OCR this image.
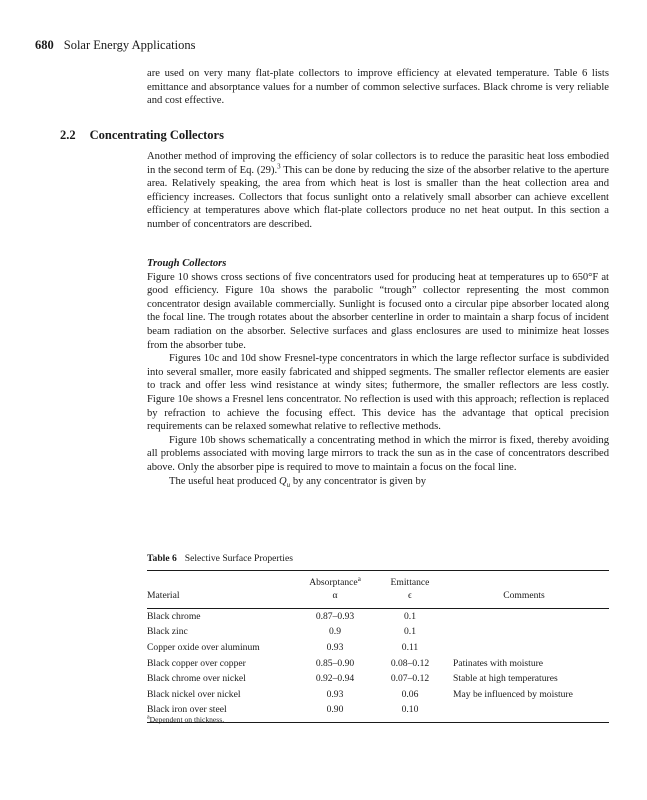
680 Solar Energy Applications

are used on very many flat-plate collectors to improve efficiency at elevated temperature. Table 6 lists emittance and absorptance values for a number of common selective surfaces. Black chrome is very reliable and cost effective.

2.2 Concentrating Collectors

Another method of improving the efficiency of solar collectors is to reduce the parasitic heat loss embodied in the second term of Eq. (29).$^3$ This can be done by reducing the size of the absorber relative to the aperture area. Relatively speaking, the area from which heat is lost is smaller than the heat collection area and efficiency increases. Collectors that focus sunlight onto a relatively small absorber can achieve excellent efficiency at temperatures above which flat-plate collectors produce no net heat output. In this section a number of concentrators are described.

Trough Collectors

Figure 10 shows cross sections of five concentrators used for producing heat at temperatures up to 650°F at good efficiency. Figure 10a shows the parabolic “trough” collector representing the most common concentrator design available commercially. Sunlight is focused onto a circular pipe absorber located along the focal line. The trough rotates about the absorber centerline in order to maintain a sharp focus of incident beam radiation on the absorber. Selective surfaces and glass enclosures are used to minimize heat losses from the absorber tube.

Figures 10c and 10d show Fresnel-type concentrators in which the large reflector surface is subdivided into several smaller, more easily fabricated and shipped segments. The smaller reflector elements are easier to track and offer less wind resistance at windy sites; futhermore, the smaller reflectors are less costly. Figure 10e shows a Fresnel lens concentrator. No reflection is used with this approach; reflection is replaced by refraction to achieve the focusing effect. This device has the advantage that optical precision requirements can be relaxed somewhat relative to reflective methods.

Figure 10b shows schematically a concentrating method in which the mirror is fixed, thereby avoiding all problems associated with moving large mirrors to track the sun as in the case of concentrators described above. Only the absorber pipe is required to move to maintain a focus on the focal line.

The useful heat produced $Q_u$ by any concentrator is given by

Table 6 Selective Surface Properties
	Absorptance$^a$	Emittance	
Material	α	ϵ	Comments

Black chrome	0.87–0.93	0.1	
Black zinc	0.9	0.1	
Copper oxide over aluminum	0.93	0.11	
Black copper over copper	0.85–0.90	0.08–0.12	Patinates with moisture
Black chrome over nickel	0.92–0.94	0.07–0.12	Stable at high temperatures
Black nickel over nickel	0.93	0.06	May be influenced by moisture
Black iron over steel	0.90	0.10	

$^a$Dependent on thickness.
